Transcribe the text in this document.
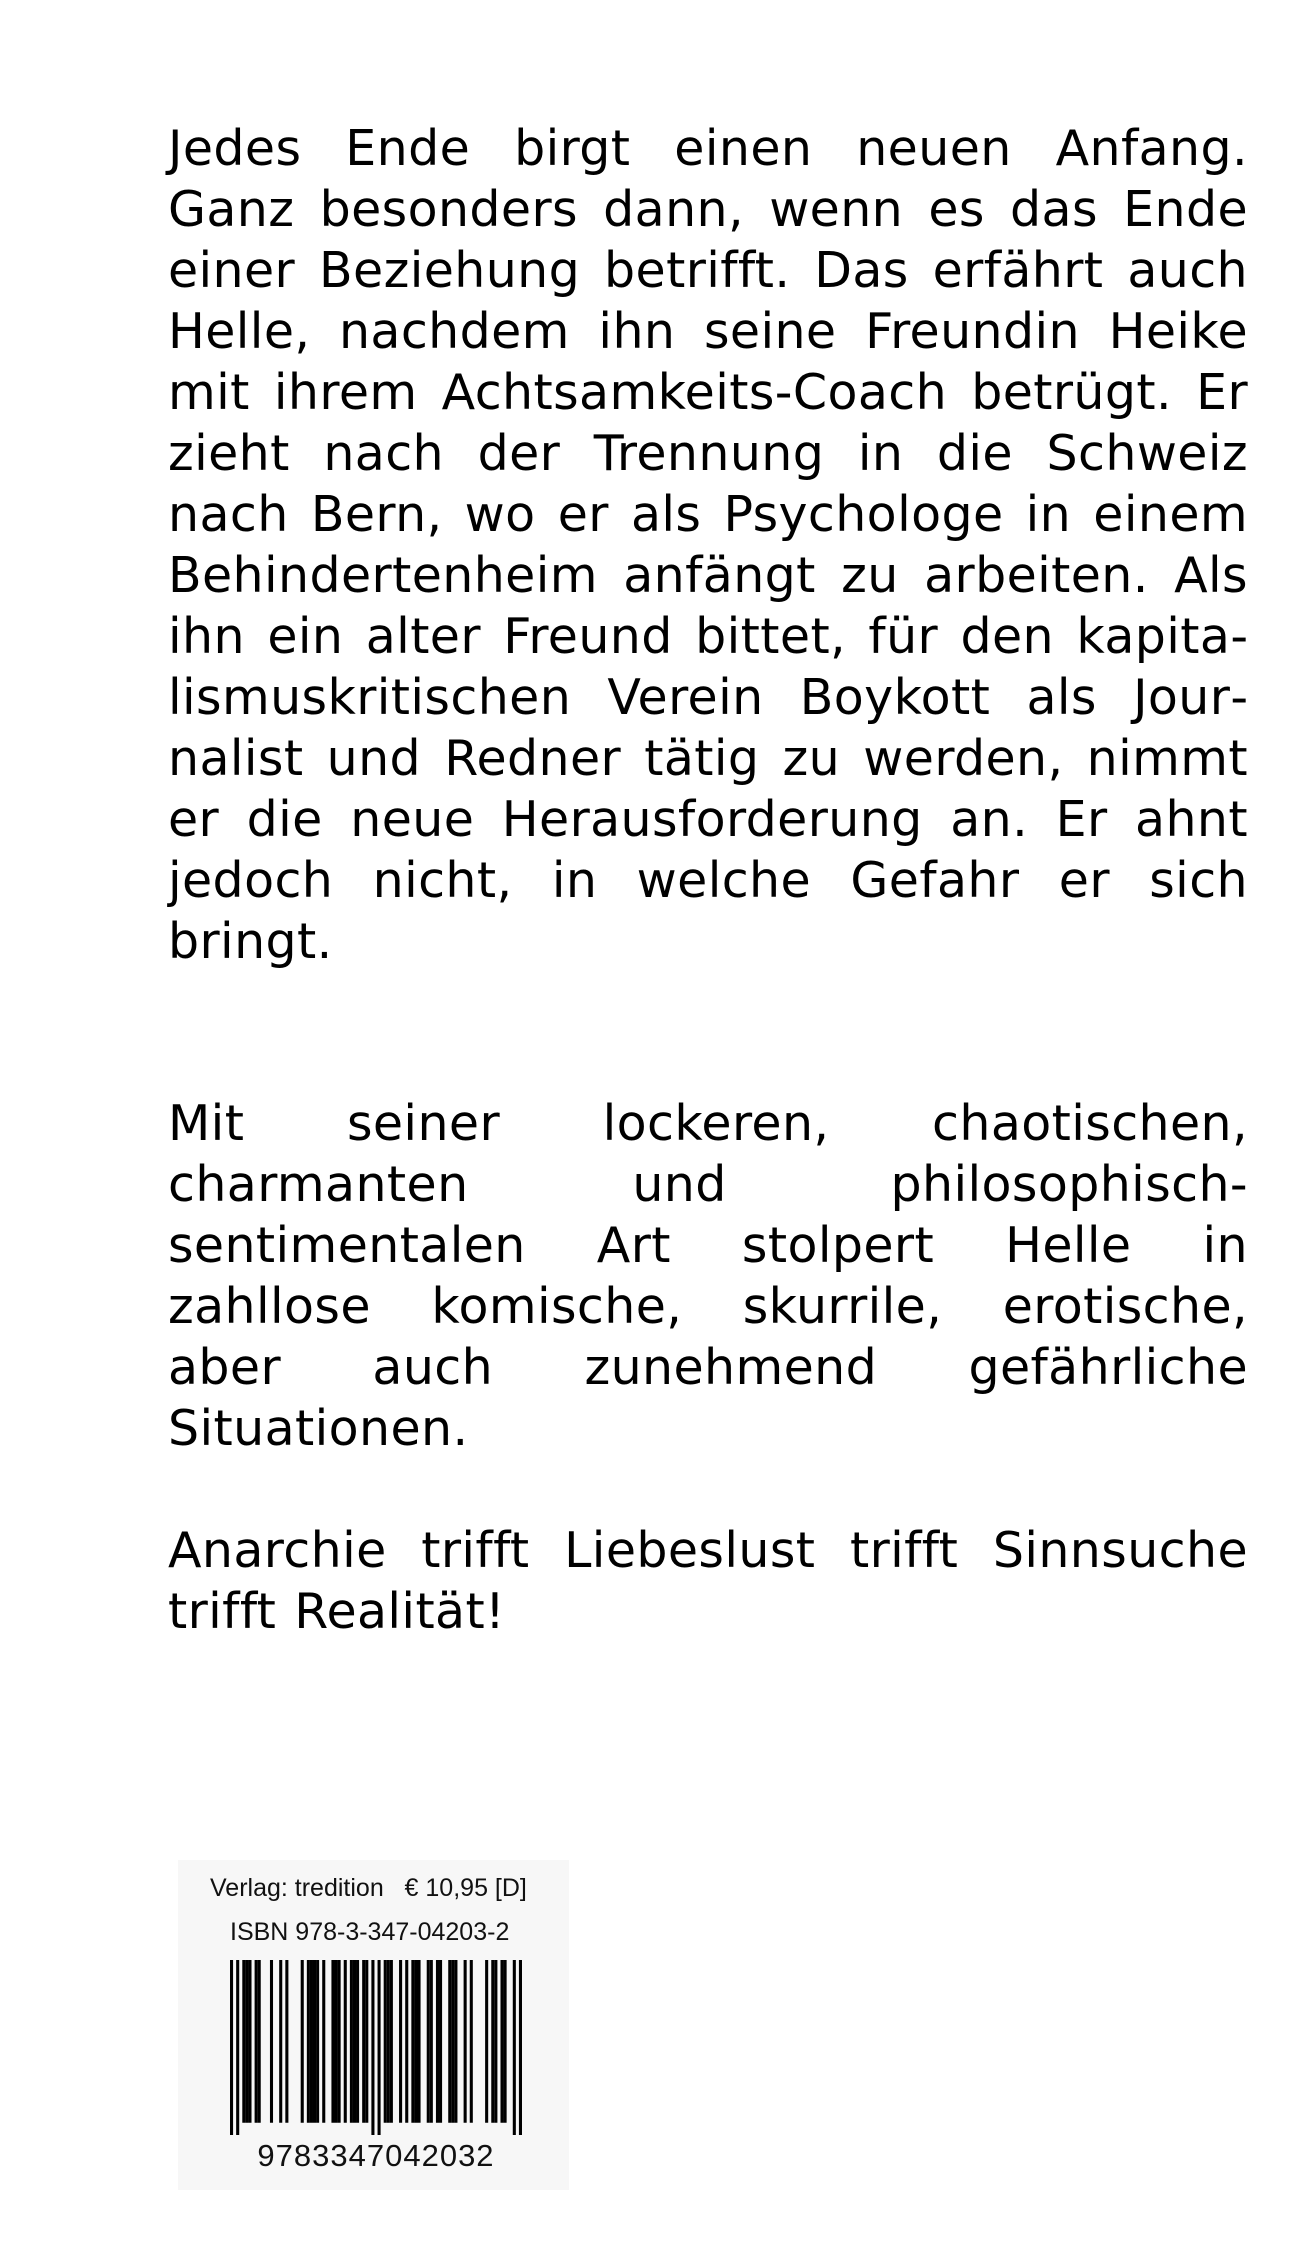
Jedes Ende birgt einen neuen Anfang. Ganz besonders dann, wenn es das Ende einer Beziehung betrifft. Das erfährt auch Helle, nachdem ihn seine Freundin Heike mit ihrem Achtsamkeits-Coach betrügt. Er zieht nach der Trennung in die Schweiz nach Bern, wo er als Psychologe in einem Behindertenheim anfängt zu arbeiten. Als ihn ein alter Freund bittet, für den kapitalismuskritischen Verein Boykott als Journalist und Redner tätig zu werden, nimmt er die neue Herausforderung an. Er ahnt jedoch nicht, in welche Gefahr er sich bringt.

Mit seiner lockeren, chaotischen, charmanten und philosophisch-sentimentalen Art stolpert Helle in zahllose komische, skurrile, erotische, aber auch zunehmend gefährliche Situationen.

Anarchie trifft Liebeslust trifft Sinnsuche trifft Realität!

Verlag: tredition   € 10,95 [D]
ISBN 978-3-347-04203-2
9783347042032
